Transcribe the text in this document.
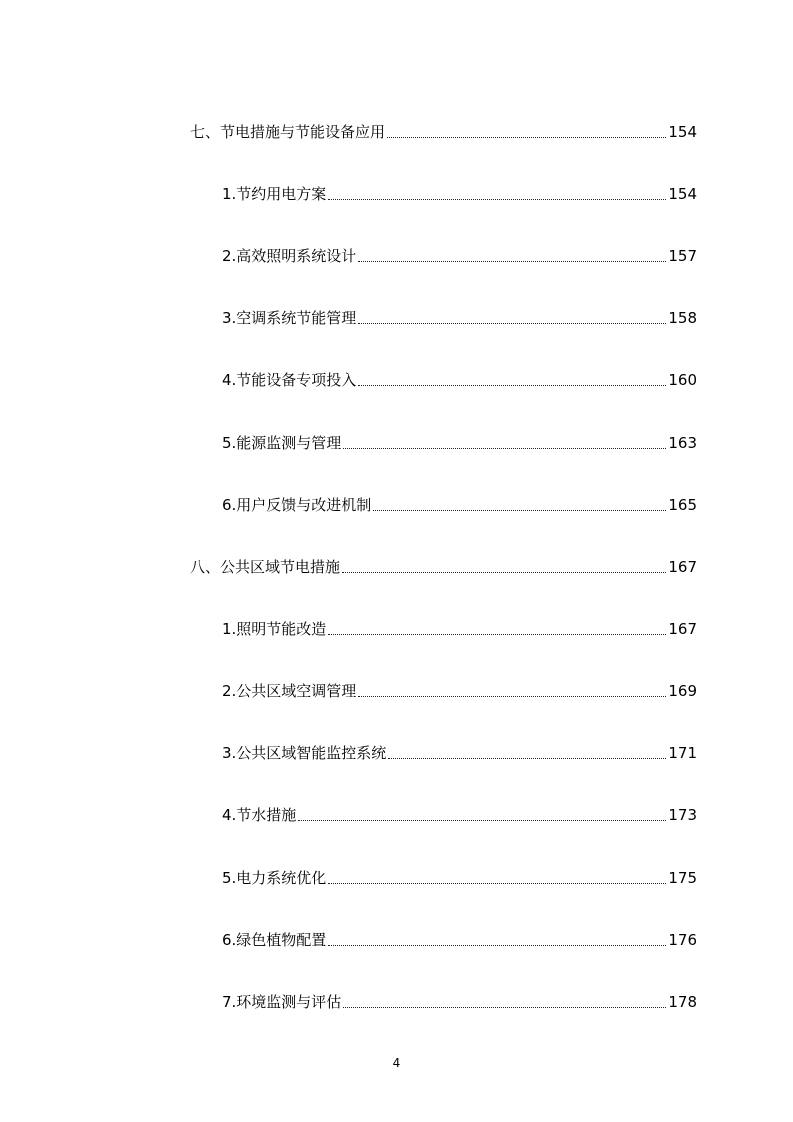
七、节电措施与节能设备应用	154
1.节约用电方案	154
2.高效照明系统设计	157
3.空调系统节能管理	158
4.节能设备专项投入	160
5.能源监测与管理	163
6.用户反馈与改进机制	165
八、公共区域节电措施	167
1.照明节能改造	167
2.公共区域空调管理	169
3.公共区域智能监控系统	171
4.节水措施	173
5.电力系统优化	175
6.绿色植物配置	176
7.环境监测与评估	178
4
